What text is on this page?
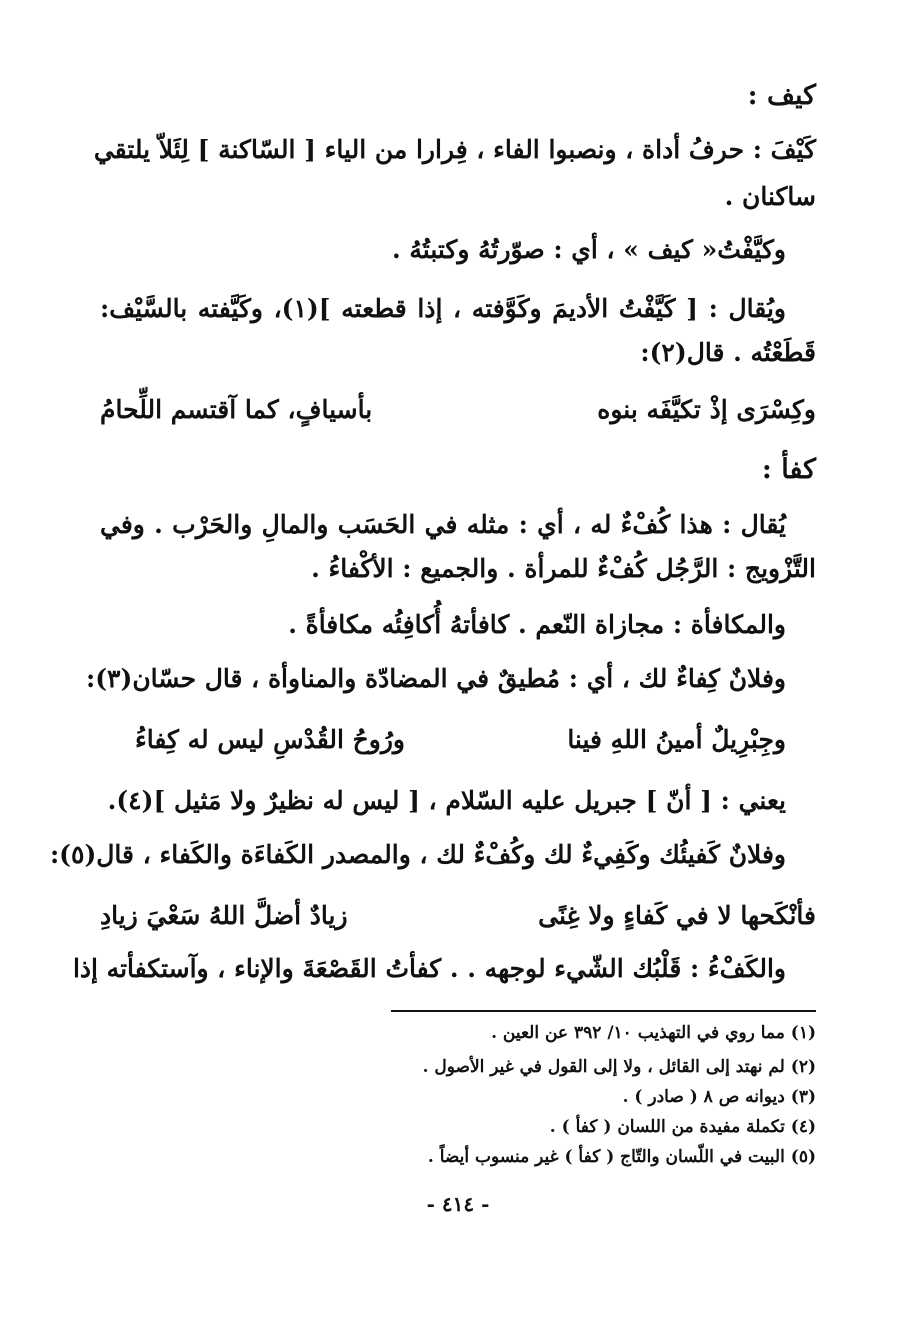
كيف :
كَيْفَ : حرفُ أداة ، ونصبوا الفاء ، فِرارا من الياء [ السّاكنة ] لِئَلاّ يلتقي
ساكنان .
وكيَّفْتُ« كيف » ، أي : صوّرتُهُ وكتبتُهُ .
ويُقال : [ كَيَّفْتُ الأديمَ وكَوَّفته ، إذا قطعته ](١)، وكَيَّفته بالسَّيْف:
قَطَعْتُه . قال(٢):
وكِسْرَى إذْ تكيَّفَه بنوه
بأسيافٍ، كما آقتسم اللِّحامُ
كفأ :
يُقال : هذا كُفْءٌ له ، أي : مثله في الحَسَب والمالِ والحَرْب . وفي
التَّزْويج : الرَّجُل كُفْءٌ للمرأة . والجميع : الأكْفاءُ .
والمكافأة : مجازاة النّعم . كافأتهُ أُكافِئُه مكافأةً .
وفلانٌ كِفاءٌ لك ، أي : مُطيقٌ في المضادّة والمناوأة ، قال حسّان(٣):
وجِبْرِيلٌ أمينُ اللهِ فينا
ورُوحُ القُدْسِ ليس له كِفاءُ
يعني : [ أنّ ] جبريل عليه السّلام ، [ ليس له نظيرٌ ولا مَثيل ](٤).
وفلانٌ كَفيئُك وكَفِيءٌ لك وكُفْءٌ لك ، والمصدر الكَفاءَة والكَفاء ، قال(٥):
فأنْكَحها لا في كَفاءٍ ولا غِنًى
زيادٌ أضلَّ اللهُ سَعْيَ زيادِ
والكَفْءُ : قَلْبُك الشّيء لوجهه . . كفأتُ القَصْعَةَ والإناء ، وآستكفأته إذا
(١) مما روي في التهذيب ١٠/ ٣٩٢ عن العين .
(٢) لم نهتد إلى القائل ، ولا إلى القول في غير الأصول .
(٣) ديوانه ص ٨ ( صادر ) .
(٤) تكملة مفيدة من اللسان ( كفأ ) .
(٥) البيت في اللّسان والتّاج ( كفأ ) غير منسوب أيضاً .
- ٤١٤ -
